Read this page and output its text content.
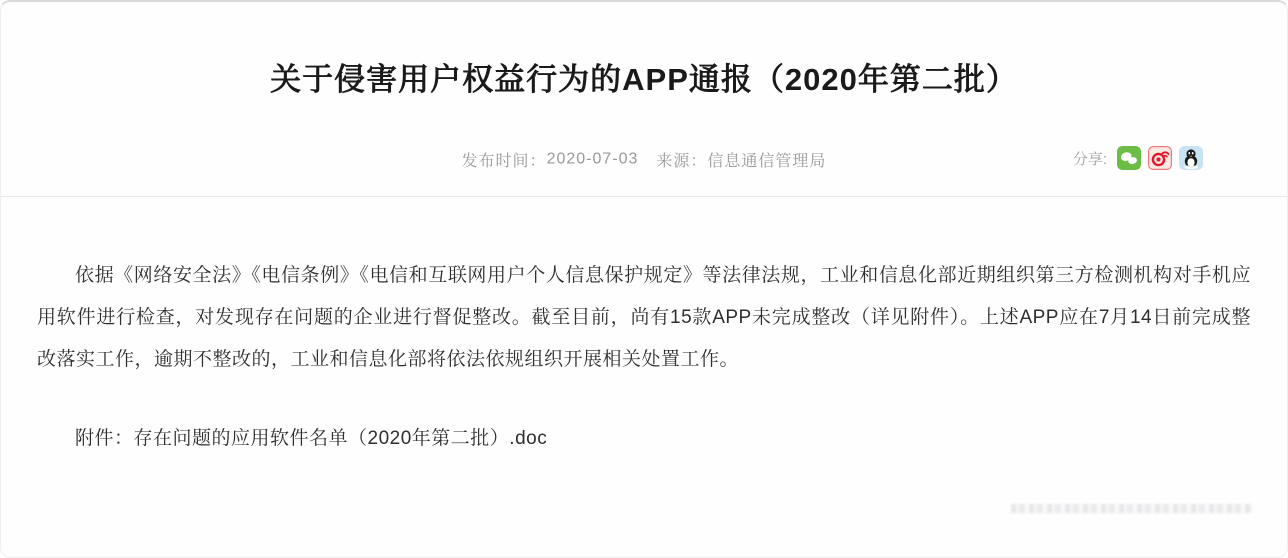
关于侵害用户权益行为的APP通报（2020年第二批）
发布时间：2020-07-03 来源：信息通信管理局	分享:

依据《网络安全法》《电信条例》《电信和互联网用户个人信息保护规定》等法律法规，工业和信息化部近期组织第三方检测机构对手机应用软件进行检查，对发现存在问题的企业进行督促整改。截至目前，尚有15款APP未完成整改（详见附件）。上述APP应在7月14日前完成整改落实工作，逾期不整改的，工业和信息化部将依法依规组织开展相关处置工作。

附件：存在问题的应用软件名单（2020年第二批）.doc
